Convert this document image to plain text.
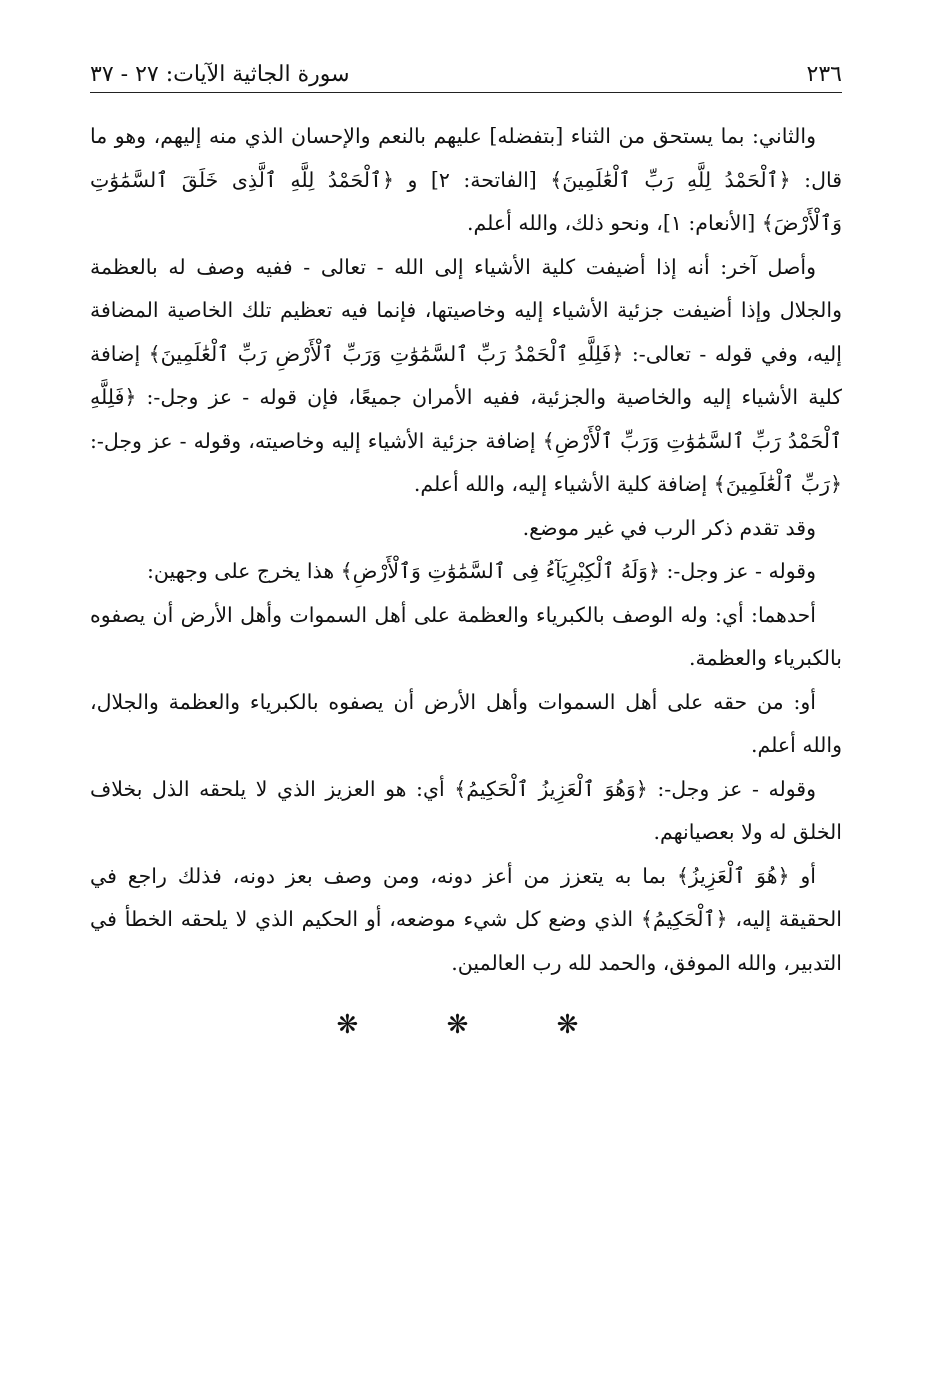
٢٣٦
سورة الجاثية الآيات: ٢٧ - ٣٧

والثاني: بما يستحق من الثناء [بتفضله] عليهم بالنعم والإحسان الذي منه إليهم، وهو ما قال: ﴿ٱلْحَمْدُ لِلَّهِ رَبِّ ٱلْعَٰلَمِينَ﴾ [الفاتحة: ٢] و ﴿ٱلْحَمْدُ لِلَّهِ ٱلَّذِى خَلَقَ ٱلسَّمَٰوَٰتِ وَٱلْأَرْضَ﴾ [الأنعام: ١]، ونحو ذلك، والله أعلم.

وأصل آخر: أنه إذا أضيفت كلية الأشياء إلى الله - تعالى - ففيه وصف له بالعظمة والجلال وإذا أضيفت جزئية الأشياء إليه وخاصيتها، فإنما فيه تعظيم تلك الخاصية المضافة إليه، وفي قوله - تعالى-: ﴿فَلِلَّهِ ٱلْحَمْدُ رَبِّ ٱلسَّمَٰوَٰتِ وَرَبِّ ٱلْأَرْضِ رَبِّ ٱلْعَٰلَمِينَ﴾ إضافة كلية الأشياء إليه والخاصية والجزئية، ففيه الأمران جميعًا، فإن قوله - عز وجل-: ﴿فَلِلَّهِ ٱلْحَمْدُ رَبِّ ٱلسَّمَٰوَٰتِ وَرَبِّ ٱلْأَرْضِ﴾ إضافة جزئية الأشياء إليه وخاصيته، وقوله - عز وجل-: ﴿رَبِّ ٱلْعَٰلَمِينَ﴾ إضافة كلية الأشياء إليه، والله أعلم.

وقد تقدم ذكر الرب في غير موضع.

وقوله - عز وجل-: ﴿وَلَهُ ٱلْكِبْرِيَآءُ فِى ٱلسَّمَٰوَٰتِ وَٱلْأَرْضِ﴾ هذا يخرج على وجهين:

أحدهما: أي: وله الوصف بالكبرياء والعظمة على أهل السموات وأهل الأرض أن يصفوه بالكبرياء والعظمة.

أو: من حقه على أهل السموات وأهل الأرض أن يصفوه بالكبرياء والعظمة والجلال، والله أعلم.

وقوله - عز وجل-: ﴿وَهُوَ ٱلْعَزِيزُ ٱلْحَكِيمُ﴾ أي: هو العزيز الذي لا يلحقه الذل بخلاف الخلق له ولا بعصيانهم.

أو ﴿هُوَ ٱلْعَزِيزُ﴾ بما به يتعزز من أعز دونه، ومن وصف بعز دونه، فذلك راجع في الحقيقة إليه، ﴿ٱلْحَكِيمُ﴾ الذي وضع كل شيء موضعه، أو الحكيم الذي لا يلحقه الخطأ في التدبير، والله الموفق، والحمد لله رب العالمين.

❋ ❋ ❋
